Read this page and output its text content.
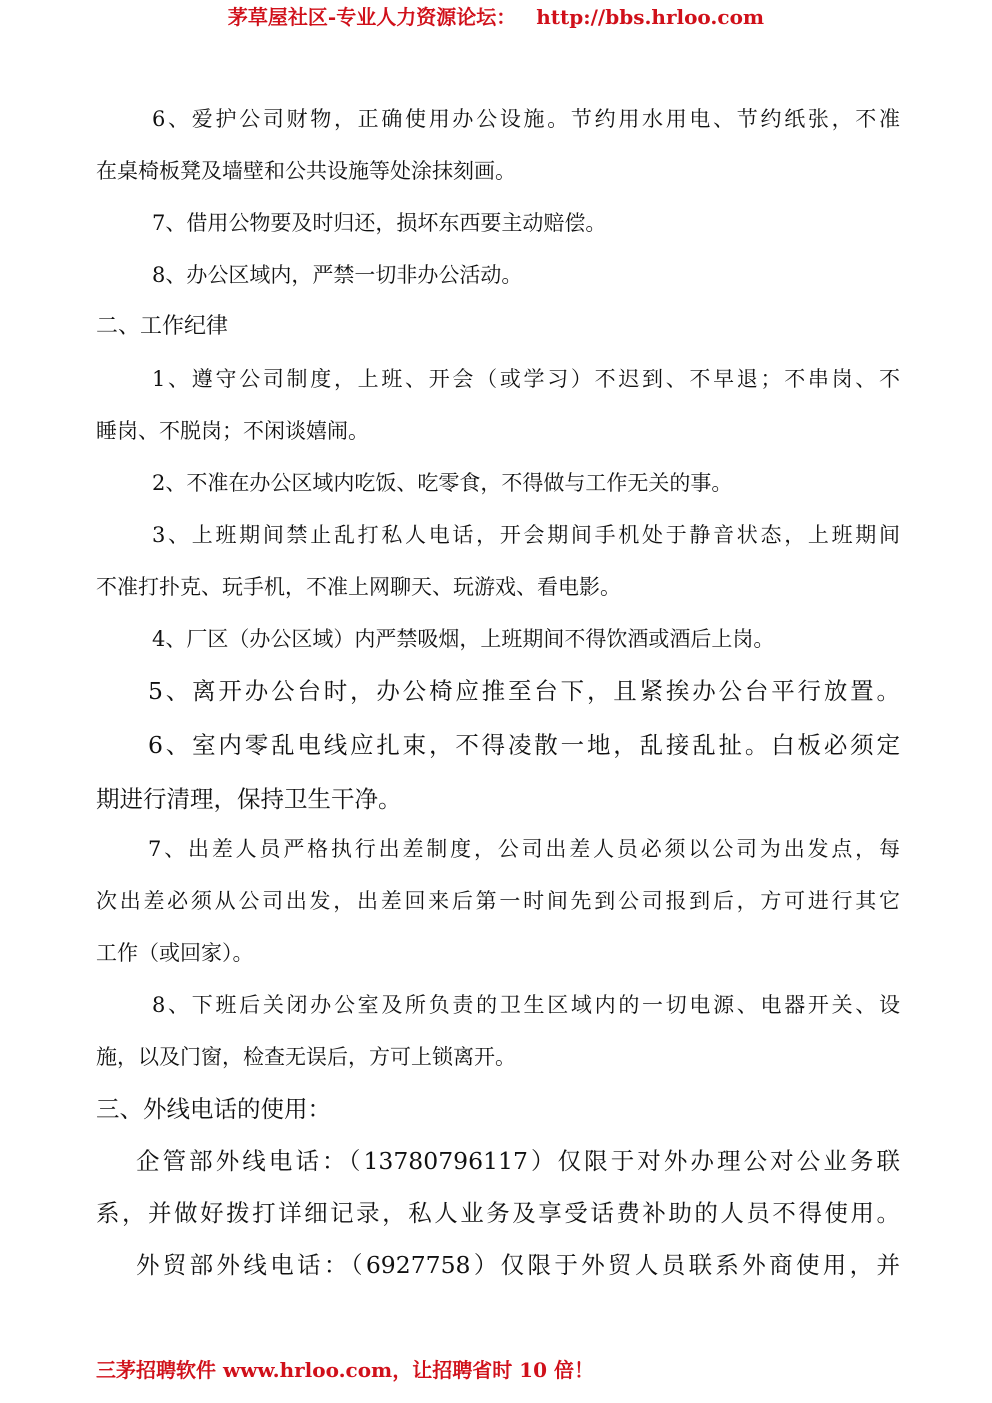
茅草屋社区-专业人力资源论坛： http://bbs.hrloo.com
6、爱护公司财物，正确使用办公设施。节约用水用电、节约纸张，不准
在桌椅板凳及墙壁和公共设施等处涂抹刻画。
7、借用公物要及时归还，损坏东西要主动赔偿。
8、办公区域内，严禁一切非办公活动。
二、工作纪律
1、遵守公司制度，上班、开会（或学习）不迟到、不早退；不串岗、不
睡岗、不脱岗；不闲谈嬉闹。
2、不准在办公区域内吃饭、吃零食，不得做与工作无关的事。
3、上班期间禁止乱打私人电话，开会期间手机处于静音状态，上班期间
不准打扑克、玩手机，不准上网聊天、玩游戏、看电影。
4、厂区（办公区域）内严禁吸烟，上班期间不得饮酒或酒后上岗。
5、离开办公台时，办公椅应推至台下，且紧挨办公台平行放置。
6、室内零乱电线应扎束，不得凌散一地，乱接乱扯。白板必须定
期进行清理，保持卫生干净。
7、出差人员严格执行出差制度，公司出差人员必须以公司为出发点，每
次出差必须从公司出发，出差回来后第一时间先到公司报到后，方可进行其它
工作（或回家）。
8、下班后关闭办公室及所负责的卫生区域内的一切电源、电器开关、设
施，以及门窗，检查无误后，方可上锁离开。
三、外线电话的使用：
企管部外线电话：（13780796117）仅限于对外办理公对公业务联
系，并做好拨打详细记录，私人业务及享受话费补助的人员不得使用。
外贸部外线电话：（6927758）仅限于外贸人员联系外商使用，并
三茅招聘软件 www.hrloo.com，让招聘省时 10 倍！
